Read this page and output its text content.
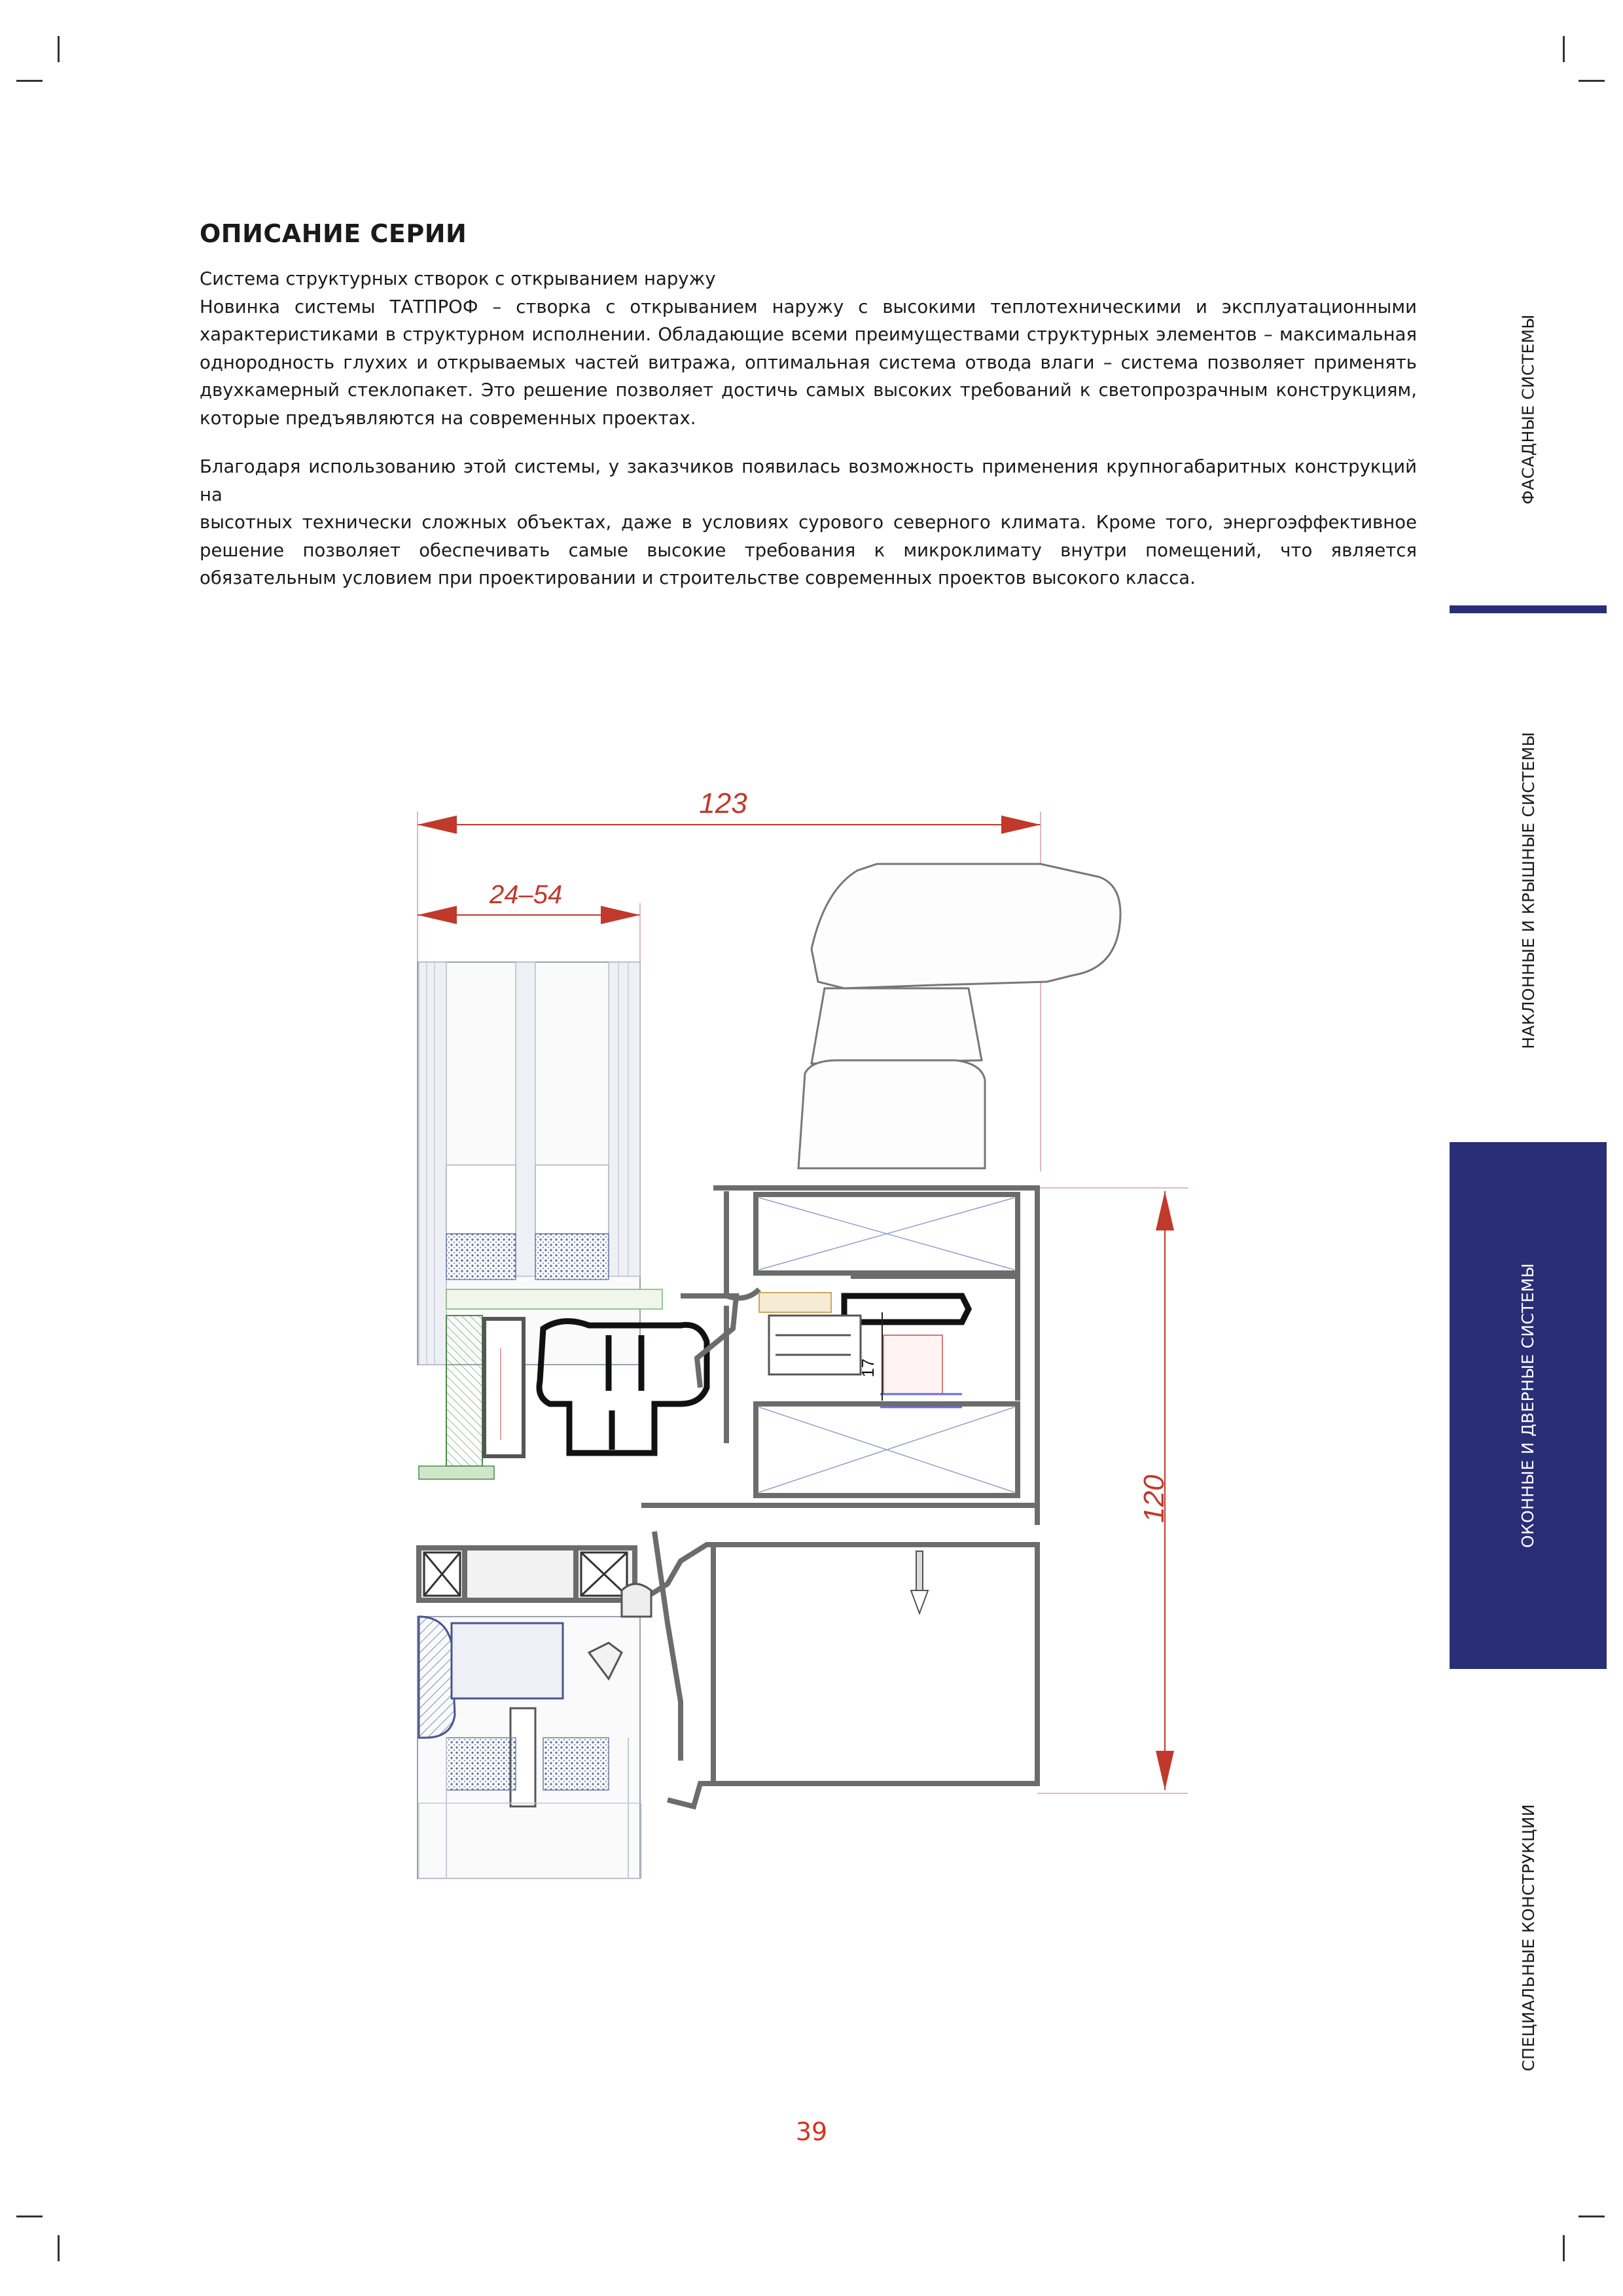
ОПИСАНИЕ СЕРИИ
Система структурных створок с открыванием наружу
Новинка системы ТАТПРОФ – створка с открыванием наружу с высокими теплотехническими и эксплуатационными
характеристиками в структурном исполнении. Обладающие всеми преимуществами структурных элементов – максимальная
однородность глухих и открываемых частей витража, оптимальная система отвода влаги – система позволяет применять
двухкамерный стеклопакет. Это решение позволяет достичь самых высоких требований к светопрозрачным конструкциям,
которые предъявляются на современных проектах.
Благодаря использованию этой системы, у заказчиков появилась возможность применения крупногабаритных конструкций на
высотных технически сложных объектах, даже в условиях сурового северного климата. Кроме того, энергоэффективное
решение позволяет обеспечивать самые высокие требования к микроклимату внутри помещений, что является
обязательным условием при проектировании и строительстве современных проектов высокого класса.
ФАСАДНЫЕ СИСТЕМЫ
НАКЛОННЫЕ И КРЫШНЫЕ СИСТЕМЫ
ОКОННЫЕ И ДВЕРНЫЕ СИСТЕМЫ
СПЕЦИАЛЬНЫЕ КОНСТРУКЦИИ
123
24–54
120
17
39
